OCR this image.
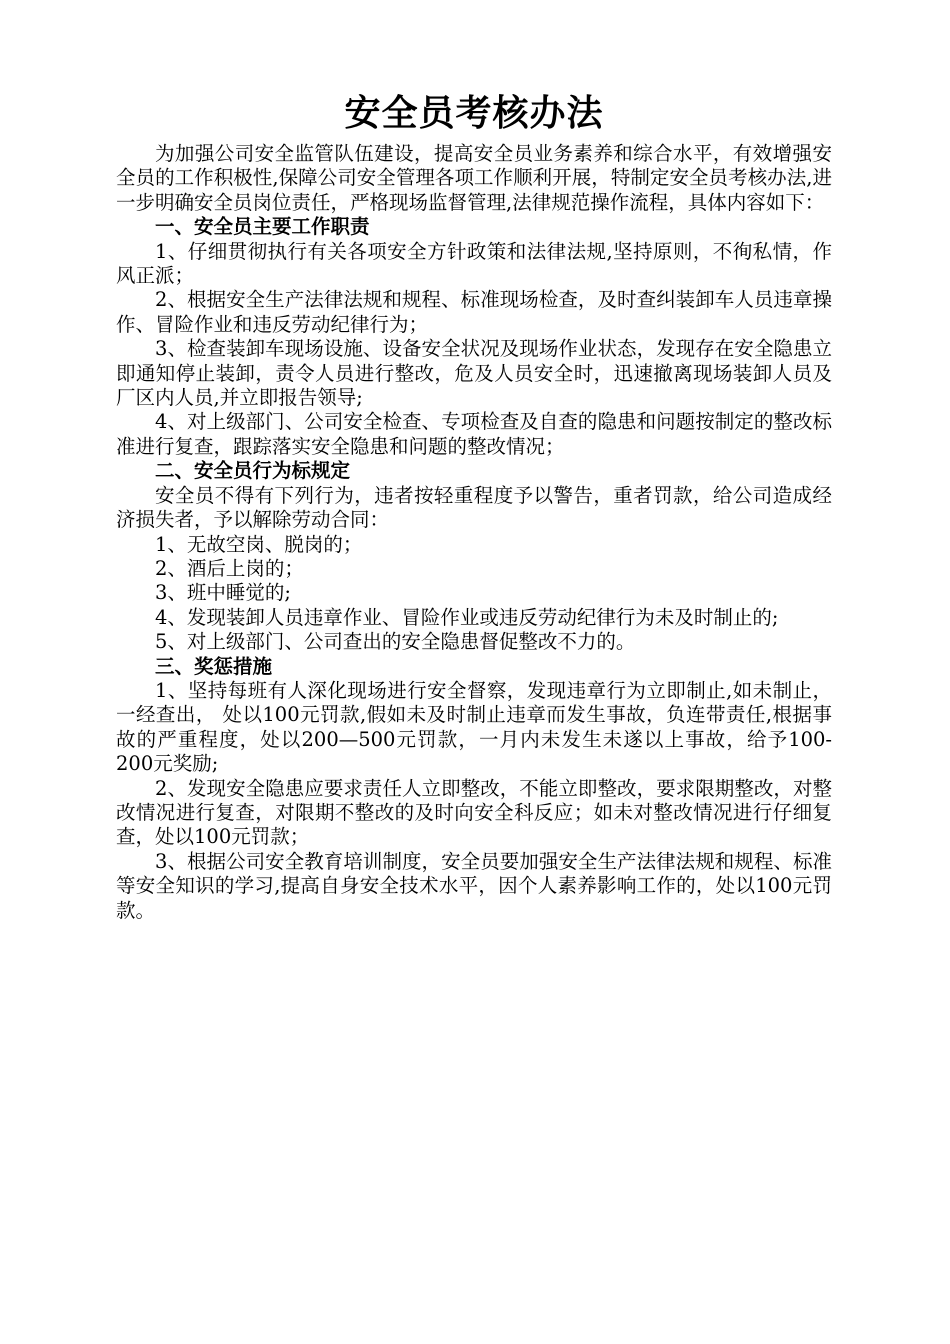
安全员考核办法

为加强公司安全监管队伍建设，提高安全员业务素养和综合水平，有效增强安全员的工作积极性,保障公司安全管理各项工作顺利开展，特制定安全员考核办法,进一步明确安全员岗位责任，严格现场监督管理,法律规范操作流程，具体内容如下：

一、安全员主要工作职责

1、仔细贯彻执行有关各项安全方针政策和法律法规,坚持原则，不徇私情，作风正派；

2、根据安全生产法律法规和规程、标准现场检查，及时查纠装卸车人员违章操作、冒险作业和违反劳动纪律行为；

3、检查装卸车现场设施、设备安全状况及现场作业状态，发现存在安全隐患立即通知停止装卸，责令人员进行整改，危及人员安全时，迅速撤离现场装卸人员及厂区内人员,并立即报告领导;

4、对上级部门、公司安全检查、专项检查及自查的隐患和问题按制定的整改标准进行复查，跟踪落实安全隐患和问题的整改情况；

二、安全员行为标规定

安全员不得有下列行为，违者按轻重程度予以警告，重者罚款，给公司造成经济损失者，予以解除劳动合同：

1、无故空岗、脱岗的；

2、酒后上岗的；

3、班中睡觉的;

4、发现装卸人员违章作业、冒险作业或违反劳动纪律行为未及时制止的;

5、对上级部门、公司查出的安全隐患督促整改不力的。

三、奖惩措施

1、坚持每班有人深化现场进行安全督察，发现违章行为立即制止,如未制止，一经查出， 处以100元罚款,假如未及时制止违章而发生事故，负连带责任,根据事故的严重程度，处以200—500元罚款，一月内未发生未遂以上事故，给予100-200元奖励;

2、发现安全隐患应要求责任人立即整改，不能立即整改，要求限期整改，对整改情况进行复查，对限期不整改的及时向安全科反应；如未对整改情况进行仔细复查，处以100元罚款；

3、根据公司安全教育培训制度，安全员要加强安全生产法律法规和规程、标准等安全知识的学习,提高自身安全技术水平，因个人素养影响工作的，处以100元罚款。
